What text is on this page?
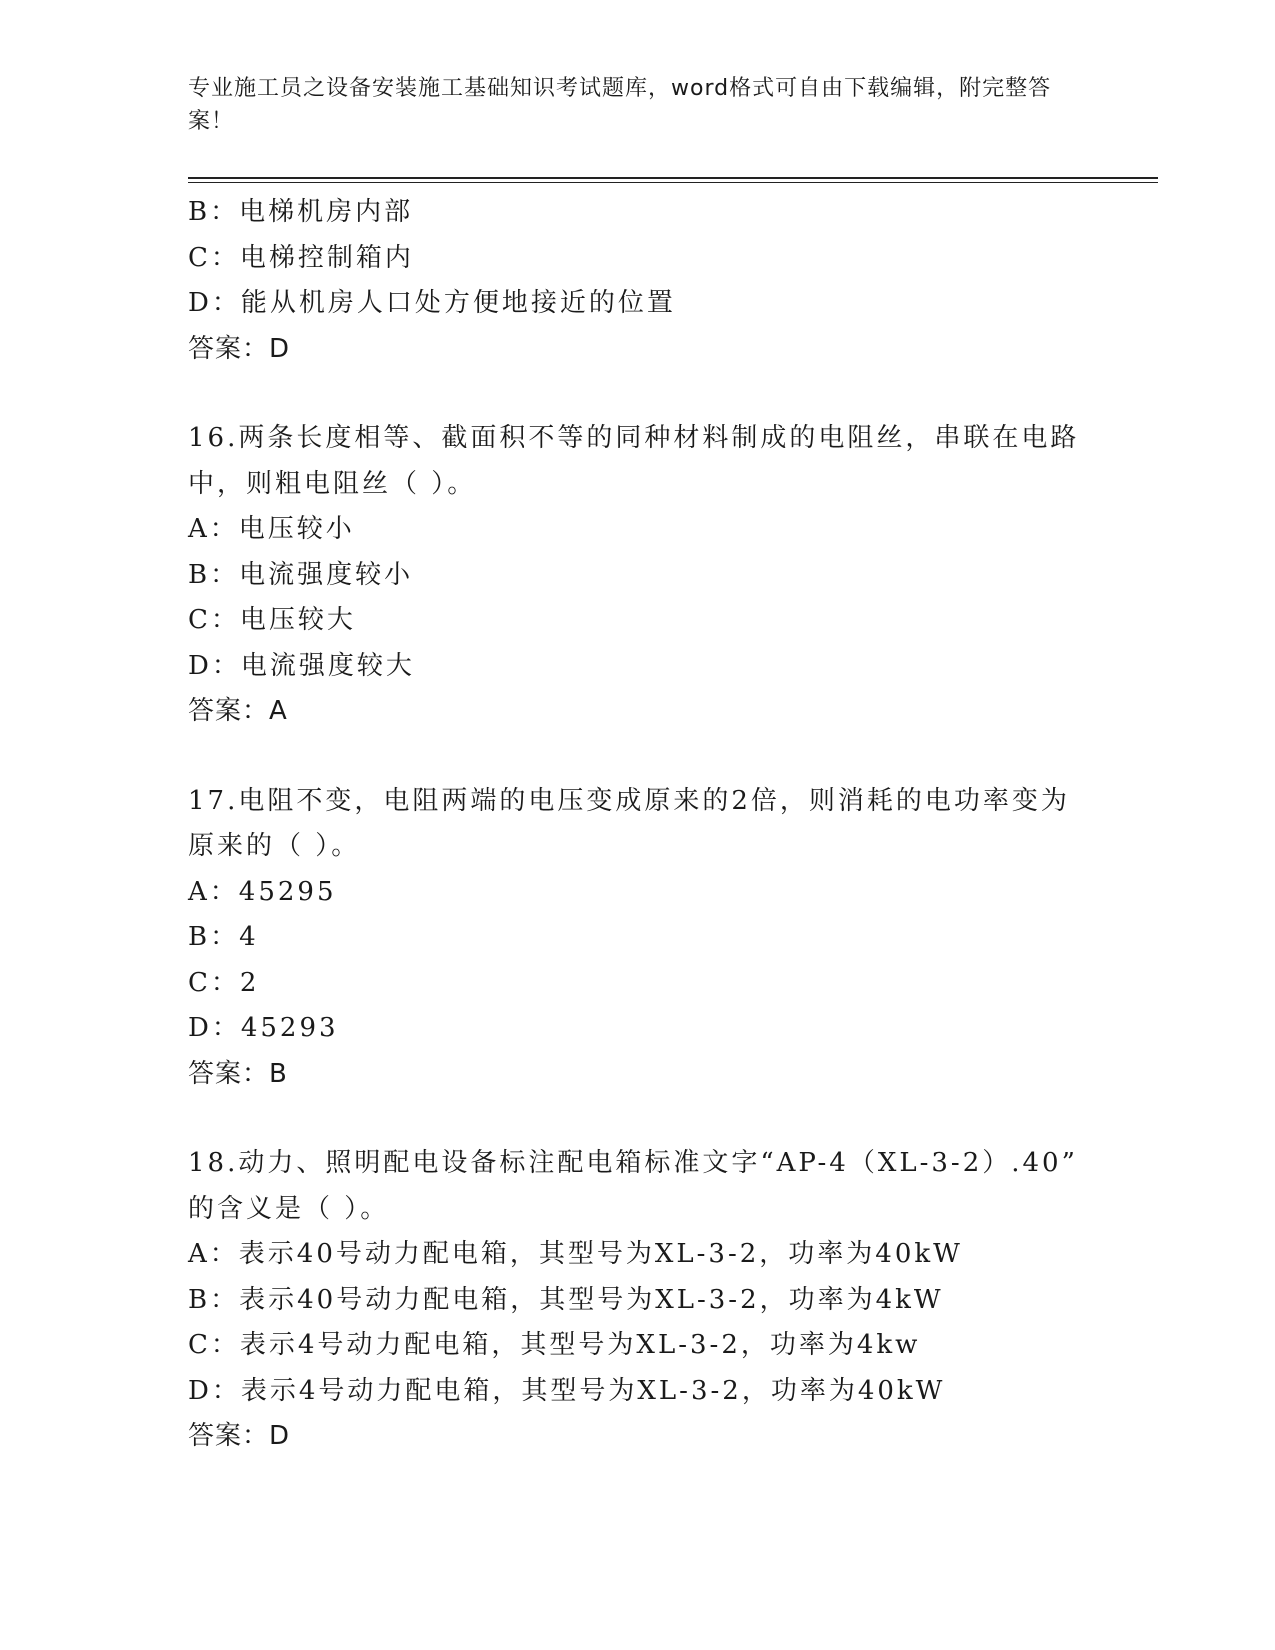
专业施工员之设备安装施工基础知识考试题库，word格式可自由下载编辑，附完整答案！
B：电梯机房内部
C：电梯控制箱内
D：能从机房人口处方便地接近的位置
答案：D
16.两条长度相等、截面积不等的同种材料制成的电阻丝，串联在电路
中，则粗电阻丝（ ）。
A：电压较小
B：电流强度较小
C：电压较大
D：电流强度较大
答案：A
17.电阻不变，电阻两端的电压变成原来的2倍，则消耗的电功率变为
原来的（ ）。
A：45295
B：4
C：2
D：45293
答案：B
18.动力、照明配电设备标注配电箱标准文字“AP-4（XL-3-2）.40”
的含义是（ ）。
A：表示40号动力配电箱，其型号为XL-3-2，功率为40kW
B：表示40号动力配电箱，其型号为XL-3-2，功率为4kW
C：表示4号动力配电箱，其型号为XL-3-2，功率为4kw
D：表示4号动力配电箱，其型号为XL-3-2，功率为40kW
答案：D
